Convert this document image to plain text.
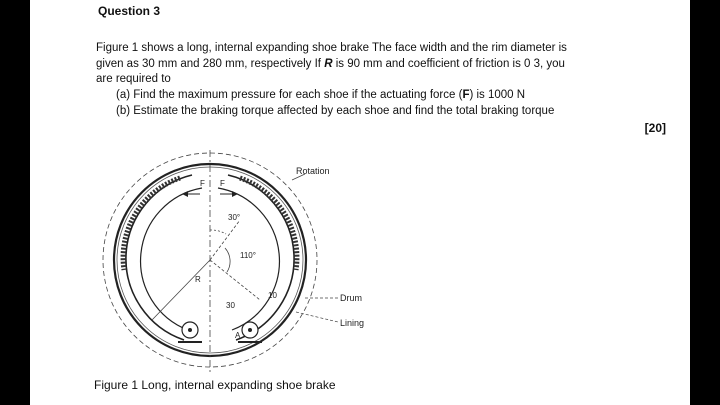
Question 3
Figure 1 shows a long, internal expanding shoe brake The face width and the rim diameter is
given as 30 mm and 280 mm, respectively If R is 90 mm and coefficient of friction is 0 3, you
are required to
(a) Find the maximum pressure for each shoe if the actuating force (F) is 1000 N
(b) Estimate the braking torque affected by each shoe and find the total braking torque
[20]
Rotation
F F
30°
110°
R
30
10	Drum
Lining
A
Figure 1 Long, internal expanding shoe brake
